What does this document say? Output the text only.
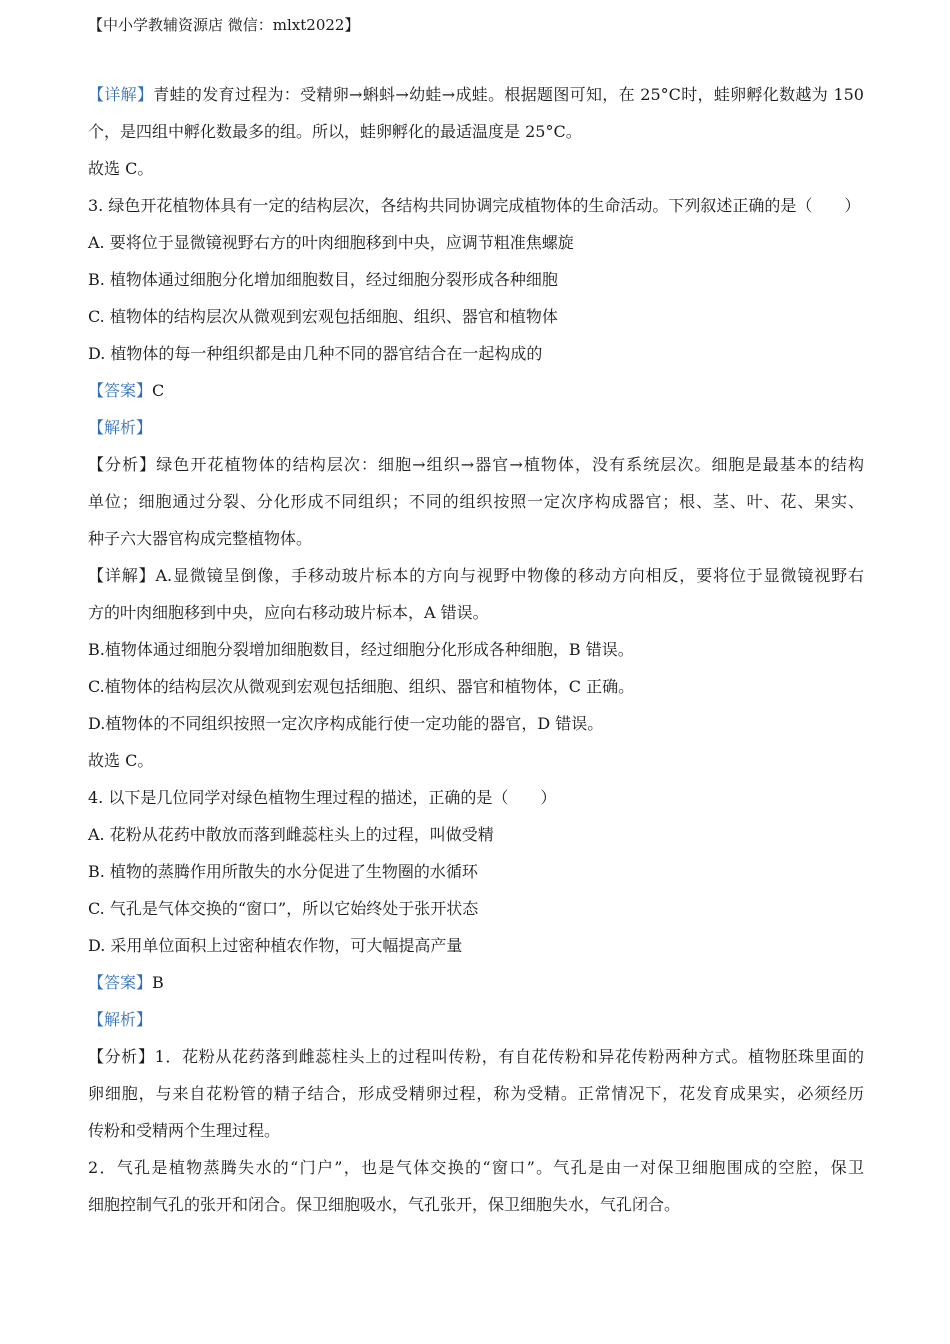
【中小学教辅资源店 微信：mlxt2022】
【详解】青蛙的发育过程为：受精卵→蝌蚪→幼蛙→成蛙。根据题图可知，在 25°C时，蛙卵孵化数越为 150
个，是四组中孵化数最多的组。所以，蛙卵孵化的最适温度是 25°C。
故选 C。
3. 绿色开花植物体具有一定的结构层次，各结构共同协调完成植物体的生命活动。下列叙述正确的是（　　）
A. 要将位于显微镜视野右方的叶肉细胞移到中央，应调节粗准焦螺旋
B. 植物体通过细胞分化增加细胞数目，经过细胞分裂形成各种细胞
C. 植物体的结构层次从微观到宏观包括细胞、组织、器官和植物体
D. 植物体的每一种组织都是由几种不同的器官结合在一起构成的
【答案】C
【解析】
【分析】绿色开花植物体的结构层次：细胞→组织→器官→植物体，没有系统层次。细胞是最基本的结构
单位；细胞通过分裂、分化形成不同组织；不同的组织按照一定次序构成器官；根、茎、叶、花、果实、
种子六大器官构成完整植物体。
【详解】A.显微镜呈倒像，手移动玻片标本的方向与视野中物像的移动方向相反，要将位于显微镜视野右
方的叶肉细胞移到中央，应向右移动玻片标本，A 错误。
B.植物体通过细胞分裂增加细胞数目，经过细胞分化形成各种细胞，B 错误。
C.植物体的结构层次从微观到宏观包括细胞、组织、器官和植物体，C 正确。
D.植物体的不同组织按照一定次序构成能行使一定功能的器官，D 错误。
故选 C。
4. 以下是几位同学对绿色植物生理过程的描述，正确的是（　　）
A. 花粉从花药中散放而落到雌蕊柱头上的过程，叫做受精
B. 植物的蒸腾作用所散失的水分促进了生物圈的水循环
C. 气孔是气体交换的“窗口”，所以它始终处于张开状态
D. 采用单位面积上过密种植农作物，可大幅提高产量
【答案】B
【解析】
【分析】1．花粉从花药落到雌蕊柱头上的过程叫传粉，有自花传粉和异花传粉两种方式。植物胚珠里面的
卵细胞，与来自花粉管的精子结合，形成受精卵过程，称为受精。正常情况下，花发育成果实，必须经历
传粉和受精两个生理过程。
2．气孔是植物蒸腾失水的“门户”，也是气体交换的“窗口”。气孔是由一对保卫细胞围成的空腔，保卫
细胞控制气孔的张开和闭合。保卫细胞吸水，气孔张开，保卫细胞失水，气孔闭合。
